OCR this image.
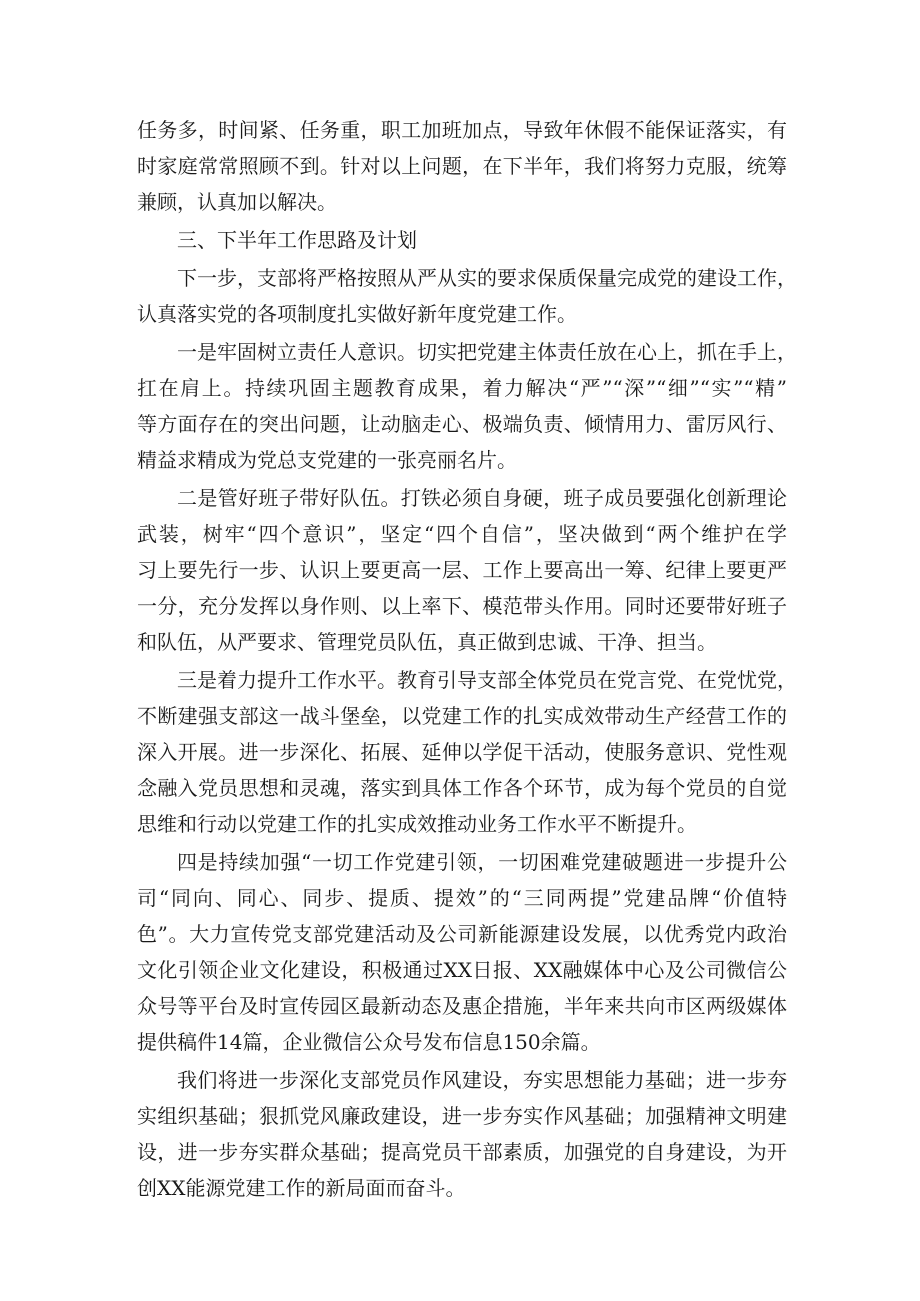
任务多，时间紧、任务重，职工加班加点，导致年休假不能保证落实，有
时家庭常常照顾不到。针对以上问题，在下半年，我们将努力克服，统筹
兼顾，认真加以解决。
三、下半年工作思路及计划
下一步，支部将严格按照从严从实的要求保质保量完成党的建设工作，
认真落实党的各项制度扎实做好新年度党建工作。
一是牢固树立责任人意识。切实把党建主体责任放在心上，抓在手上，
扛在肩上。持续巩固主题教育成果，着力解决“严”“深”“细”“实”“精”
等方面存在的突出问题，让动脑走心、极端负责、倾情用力、雷厉风行、
精益求精成为党总支党建的一张亮丽名片。
二是管好班子带好队伍。打铁必须自身硬，班子成员要强化创新理论
武装，树牢“四个意识”，坚定“四个自信”，坚决做到“两个维护在学
习上要先行一步、认识上要更高一层、工作上要高出一筹、纪律上要更严
一分，充分发挥以身作则、以上率下、模范带头作用。同时还要带好班子
和队伍，从严要求、管理党员队伍，真正做到忠诚、干净、担当。
三是着力提升工作水平。教育引导支部全体党员在党言党、在党忧党，
不断建强支部这一战斗堡垒，以党建工作的扎实成效带动生产经营工作的
深入开展。进一步深化、拓展、延伸以学促干活动，使服务意识、党性观
念融入党员思想和灵魂，落实到具体工作各个环节，成为每个党员的自觉
思维和行动以党建工作的扎实成效推动业务工作水平不断提升。
四是持续加强“一切工作党建引领，一切困难党建破题进一步提升公
司“同向、同心、同步、提质、提效”的“三同两提”党建品牌“价值特
色”。大力宣传党支部党建活动及公司新能源建设发展，以优秀党内政治
文化引领企业文化建设，积极通过XX日报、XX融媒体中心及公司微信公
众号等平台及时宣传园区最新动态及惠企措施，半年来共向市区两级媒体
提供稿件14篇，企业微信公众号发布信息150余篇。
我们将进一步深化支部党员作风建设，夯实思想能力基础；进一步夯
实组织基础；狠抓党风廉政建设，进一步夯实作风基础；加强精神文明建
设，进一步夯实群众基础；提高党员干部素质，加强党的自身建设，为开
创XX能源党建工作的新局面而奋斗。
